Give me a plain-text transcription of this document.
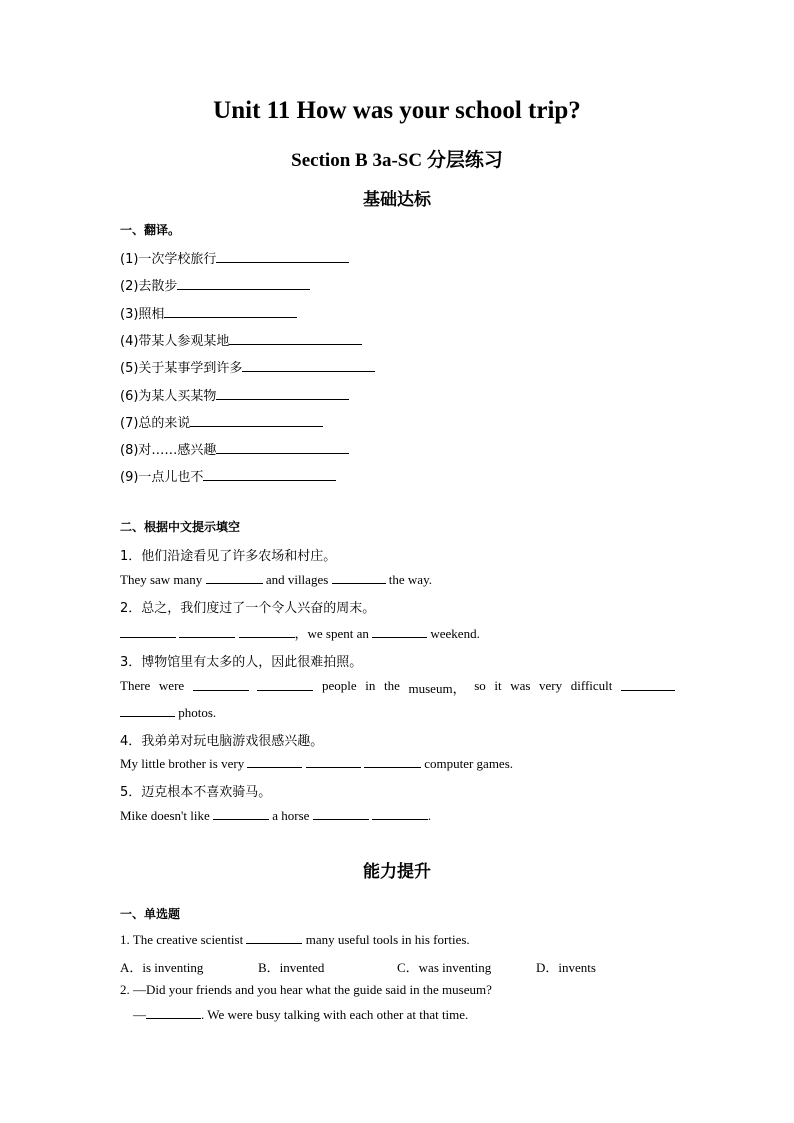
Unit 11 How was your school trip?
Section B 3a-SC 分层练习
基础达标
一、翻译。
(1)一次学校旅行
(2)去散步
(3)照相
(4)带某人参观某地
(5)关于某事学到许多
(6)为某人买某物
(7)总的来说
(8)对……感兴趣
(9)一点儿也不
二、根据中文提示填空
1．他们沿途看见了许多农场和村庄。
They saw many	and villages	the way.
2．总之，我们度过了一个令人兴奋的周末。
，we spent an	weekend.
3．博物馆里有太多的人，因此很难拍照。
There were	people in the museum， so it was very difficult
photos.
4．我弟弟对玩电脑游戏很感兴趣。
My little brother is very	computer games.
5．迈克根本不喜欢骑马。
Mike doesn't like	a horse	.
能力提升
一、单选题
1. The creative scientist	many useful tools in his forties.
A．is inventing	B．invented	C．was inventing	D．invents
2. —Did your friends and you hear what the guide said in the museum?
—	. We were busy talking with each other at that time.
